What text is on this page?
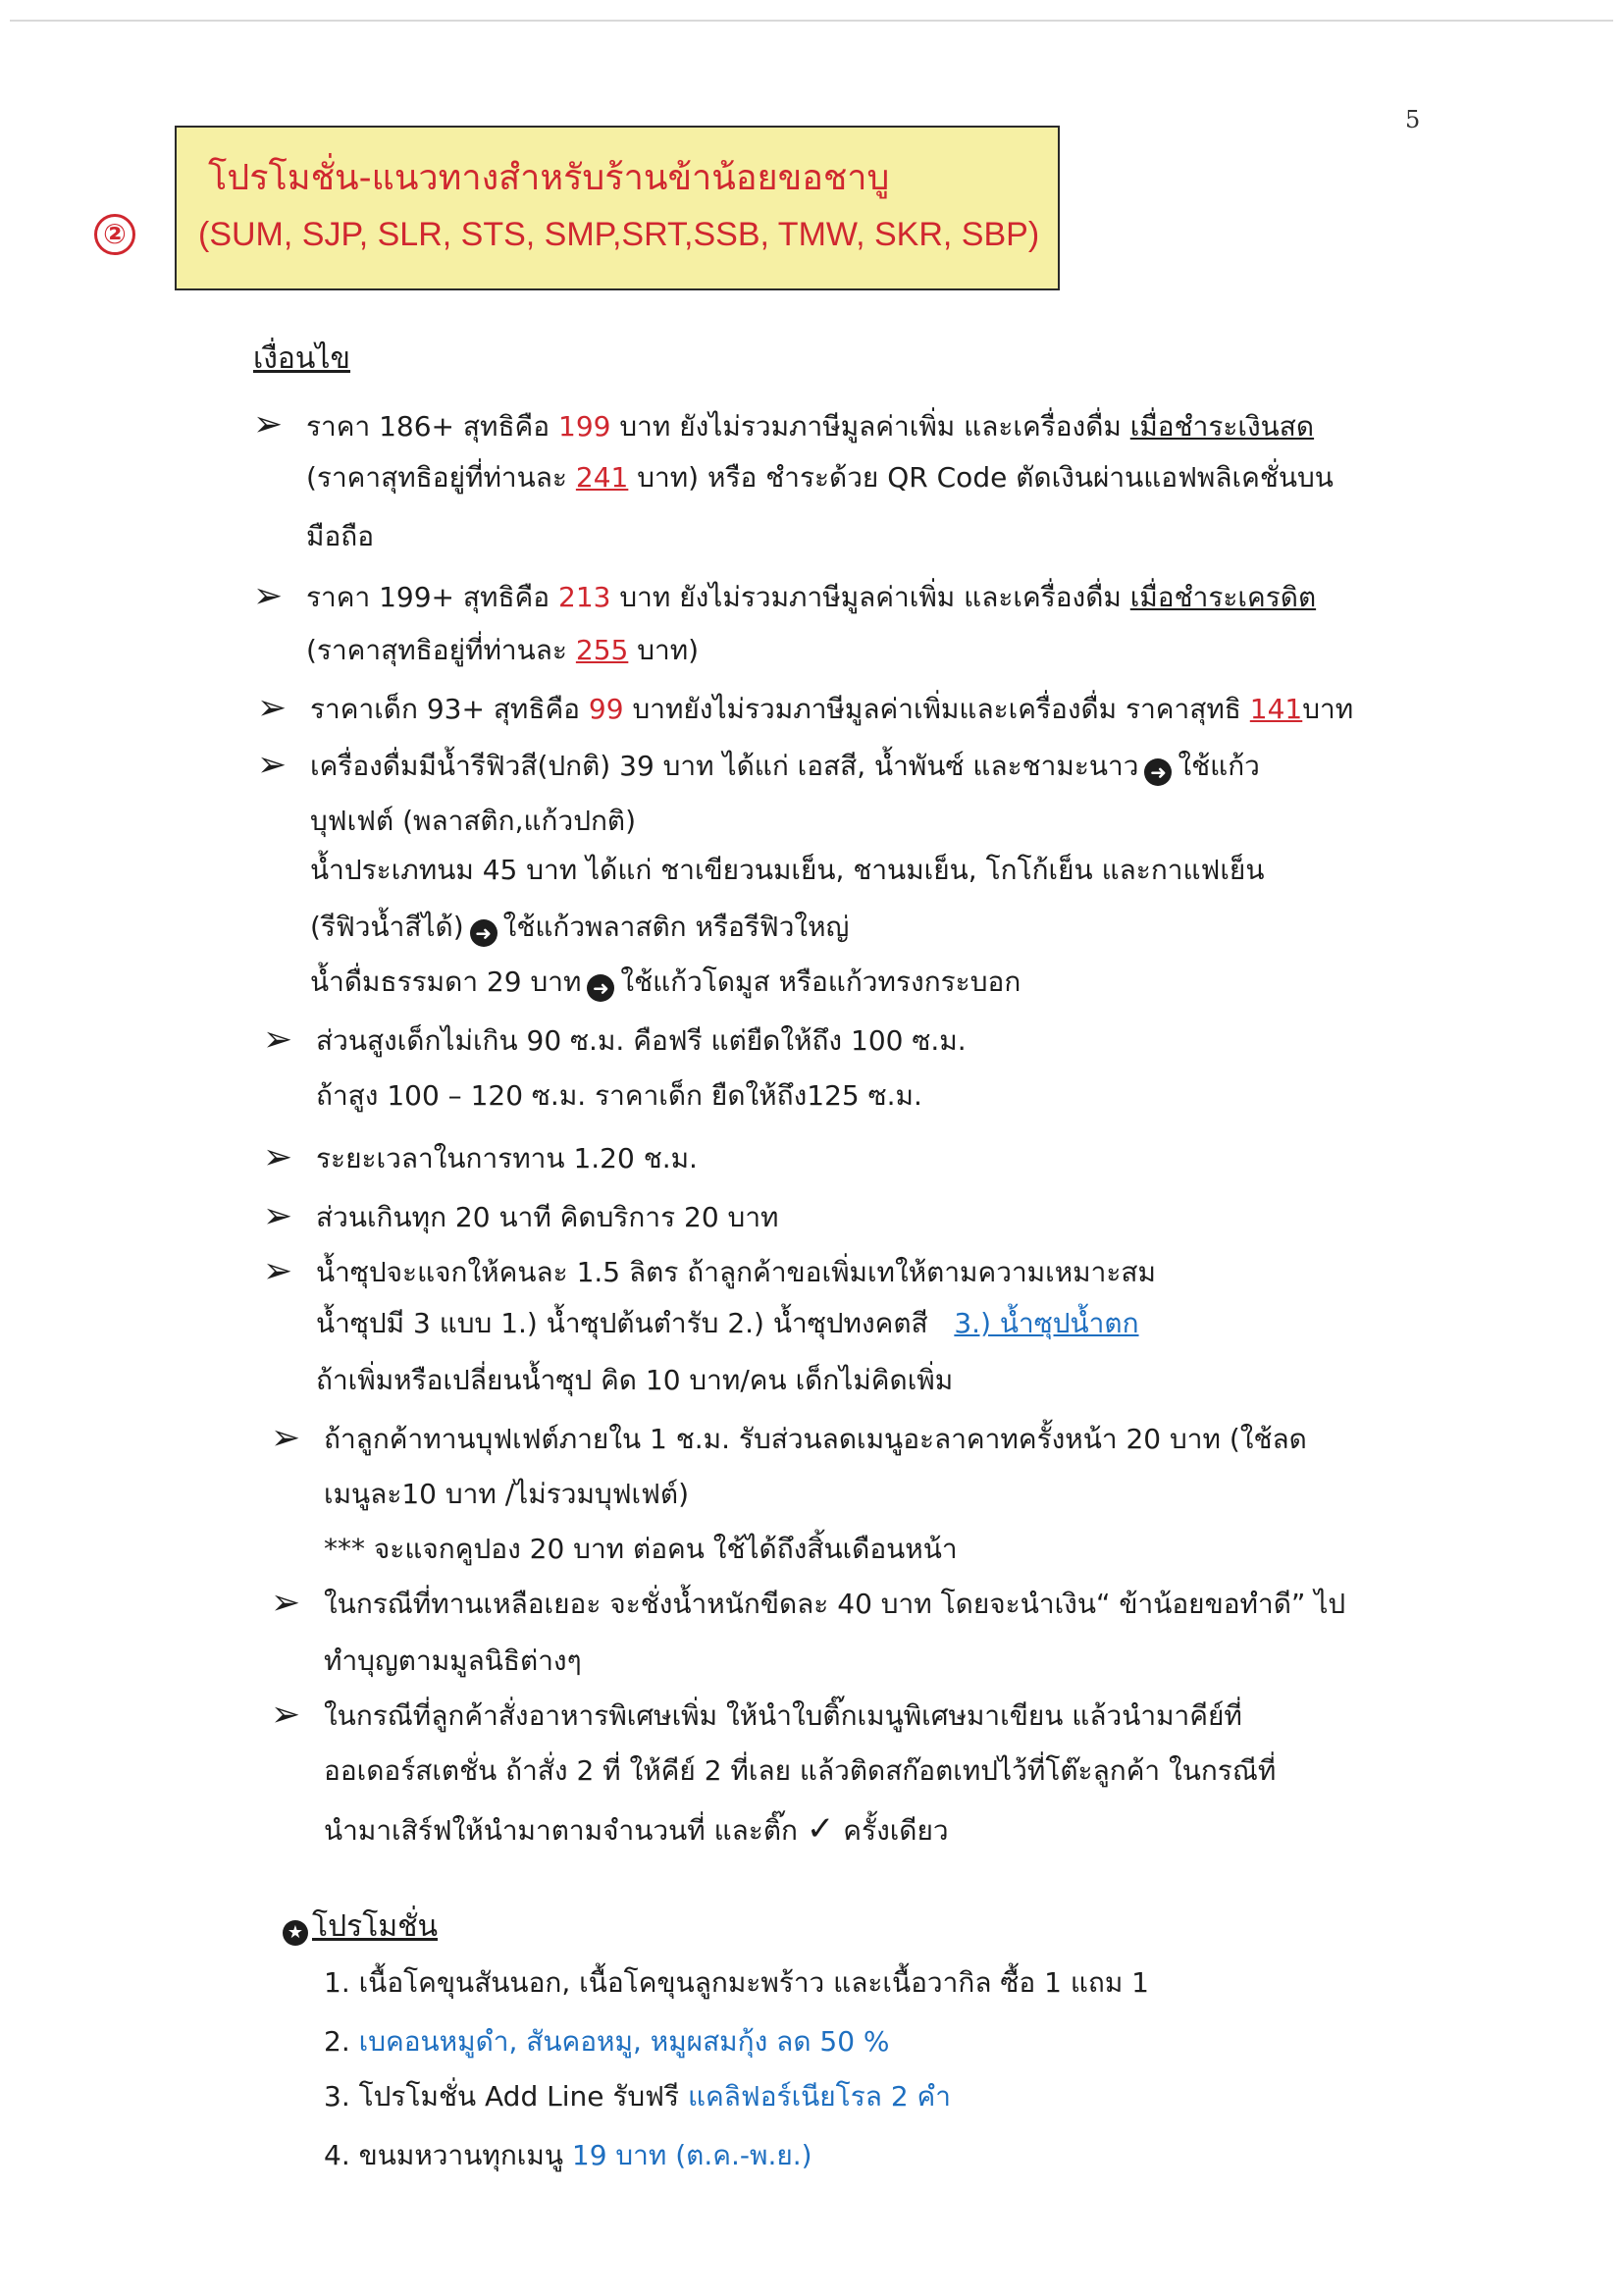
5
②
โปรโมชั่น-แนวทางสำหรับร้านข้าน้อยขอชาบู
(SUM, SJP, SLR, STS, SMP,SRT,SSB, TMW, SKR, SBP)
เงื่อนไข
➢ ราคา 186+ สุทธิคือ 199 บาท ยังไม่รวมภาษีมูลค่าเพิ่ม และเครื่องดื่ม เมื่อชำระเงินสด
(ราคาสุทธิอยู่ที่ท่านละ 241 บาท) หรือ ชำระด้วย QR Code ตัดเงินผ่านแอฟพลิเคชั่นบน
มือถือ
➢ ราคา 199+ สุทธิคือ 213 บาท ยังไม่รวมภาษีมูลค่าเพิ่ม และเครื่องดื่ม เมื่อชำระเครดิต
(ราคาสุทธิอยู่ที่ท่านละ 255 บาท)
➢ ราคาเด็ก 93+ สุทธิคือ 99 บาทยังไม่รวมภาษีมูลค่าเพิ่มและเครื่องดื่ม ราคาสุทธิ 141บาท
➢ เครื่องดื่มมีน้ำรีฟิวสี(ปกติ) 39 บาท ได้แก่ เอสสี, น้ำพันซ์ และชามะนาว ➜ ใช้แก้ว
บุฟเฟต์ (พลาสติก,แก้วปกติ)
น้ำประเภทนม 45 บาท ได้แก่ ชาเขียวนมเย็น, ชานมเย็น, โกโก้เย็น และกาแฟเย็น
(รีฟิวน้ำสีได้) ➜ ใช้แก้วพลาสติก หรือรีฟิวใหญ่
น้ำดื่มธรรมดา 29 บาท ➜ ใช้แก้วโดมูส หรือแก้วทรงกระบอก
➢ ส่วนสูงเด็กไม่เกิน 90 ซ.ม. คือฟรี แต่ยืดให้ถึง 100 ซ.ม.
ถ้าสูง 100 – 120 ซ.ม. ราคาเด็ก ยืดให้ถึง125 ซ.ม.
➢ ระยะเวลาในการทาน 1.20 ช.ม.
➢ ส่วนเกินทุก 20 นาที คิดบริการ 20 บาท
➢ น้ำซุปจะแจกให้คนละ 1.5 ลิตร ถ้าลูกค้าขอเพิ่มเทให้ตามความเหมาะสม
น้ำซุปมี 3 แบบ 1.) น้ำซุปต้นตำรับ 2.) น้ำซุปทงคตสี 3.) น้ำซุปน้ำตก
ถ้าเพิ่มหรือเปลี่ยนน้ำซุป คิด 10 บาท/คน เด็กไม่คิดเพิ่ม
➢ ถ้าลูกค้าทานบุฟเฟต์ภายใน 1 ช.ม. รับส่วนลดเมนูอะลาคาทครั้งหน้า 20 บาท (ใช้ลด
เมนูละ10 บาท /ไม่รวมบุฟเฟต์)
*** จะแจกคูปอง 20 บาท ต่อคน ใช้ได้ถึงสิ้นเดือนหน้า
➢ ในกรณีที่ทานเหลือเยอะ จะชั่งน้ำหนักขีดละ 40 บาท โดยจะนำเงิน“ ข้าน้อยขอทำดี” ไป
ทำบุญตามมูลนิธิต่างๆ
➢ ในกรณีที่ลูกค้าสั่งอาหารพิเศษเพิ่ม ให้นำใบติ๊กเมนูพิเศษมาเขียน แล้วนำมาคีย์ที่
ออเดอร์สเตชั่น ถ้าสั่ง 2 ที่ ให้คีย์ 2 ที่เลย แล้วติดสก๊อตเทปไว้ที่โต๊ะลูกค้า ในกรณีที่
นำมาเสิร์ฟให้นำมาตามจำนวนที่ และติ๊ก ✓ ครั้งเดียว
★ โปรโมชั่น
1. เนื้อโคขุนสันนอก, เนื้อโคขุนลูกมะพร้าว และเนื้อวากิล ซื้อ 1 แถม 1
2. เบคอนหมูดำ, สันคอหมู, หมูผสมกุ้ง ลด 50 %
3. โปรโมชั่น Add Line รับฟรี แคลิฟอร์เนียโรล 2 คำ
4. ขนมหวานทุกเมนู 19 บาท (ต.ค.-พ.ย.)
